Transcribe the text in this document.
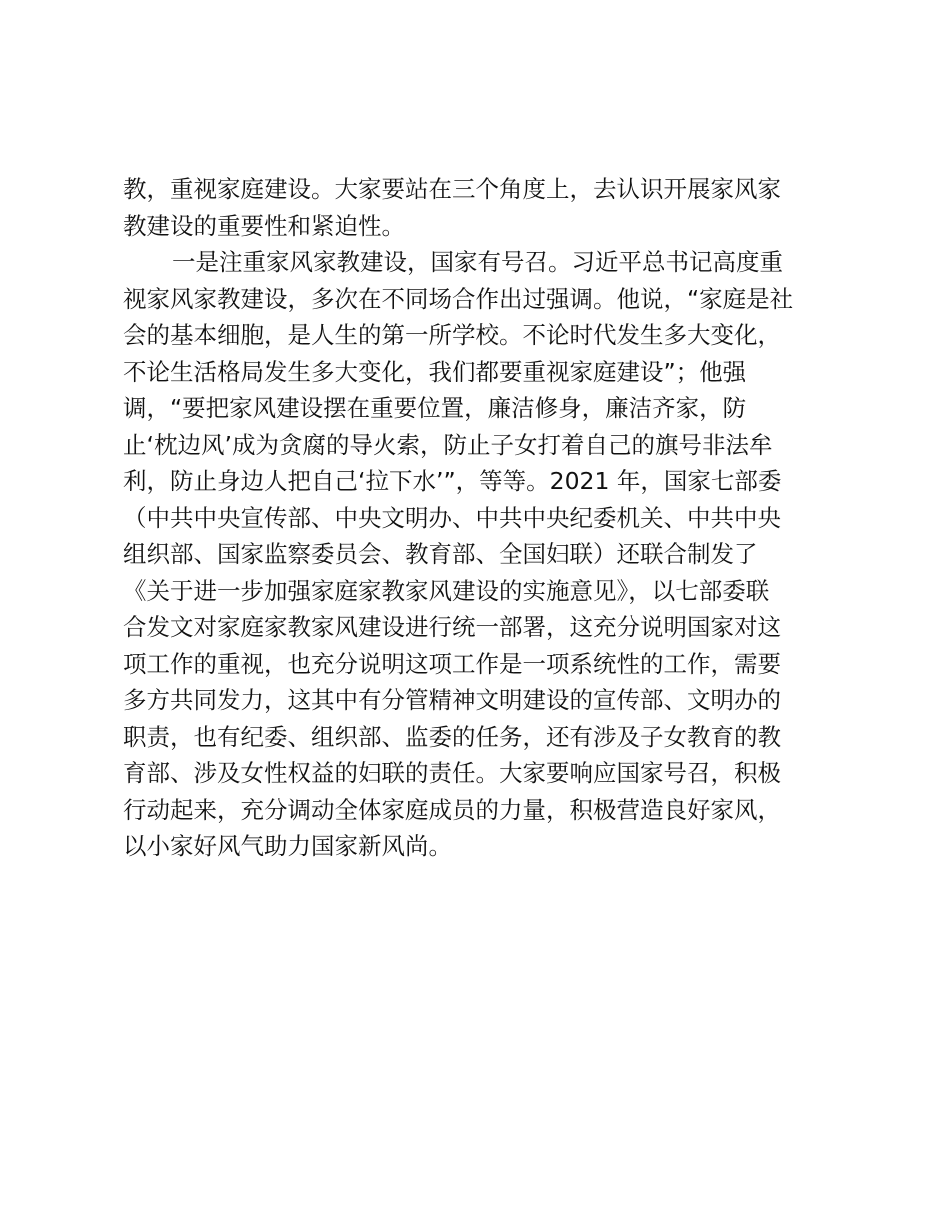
教，重视家庭建设。大家要站在三个角度上，去认识开展家风家

教建设的重要性和紧迫性。

一是注重家风家教建设，国家有号召。习近平总书记高度重

视家风家教建设，多次在不同场合作出过强调。他说，“家庭是社

会的基本细胞，是人生的第一所学校。不论时代发生多大变化，

不论生活格局发生多大变化，我们都要重视家庭建设”；他强

调，“要把家风建设摆在重要位置，廉洁修身，廉洁齐家，防

止‘枕边风’成为贪腐的导火索，防止子女打着自己的旗号非法牟

利，防止身边人把自己‘拉下水’”，等等。2021 年，国家七部委

（中共中央宣传部、中央文明办、中共中央纪委机关、中共中央

组织部、国家监察委员会、教育部、全国妇联）还联合制发了

《关于进一步加强家庭家教家风建设的实施意见》，以七部委联

合发文对家庭家教家风建设进行统一部署，这充分说明国家对这

项工作的重视，也充分说明这项工作是一项系统性的工作，需要

多方共同发力，这其中有分管精神文明建设的宣传部、文明办的

职责，也有纪委、组织部、监委的任务，还有涉及子女教育的教

育部、涉及女性权益的妇联的责任。大家要响应国家号召，积极

行动起来，充分调动全体家庭成员的力量，积极营造良好家风，

以小家好风气助力国家新风尚。
